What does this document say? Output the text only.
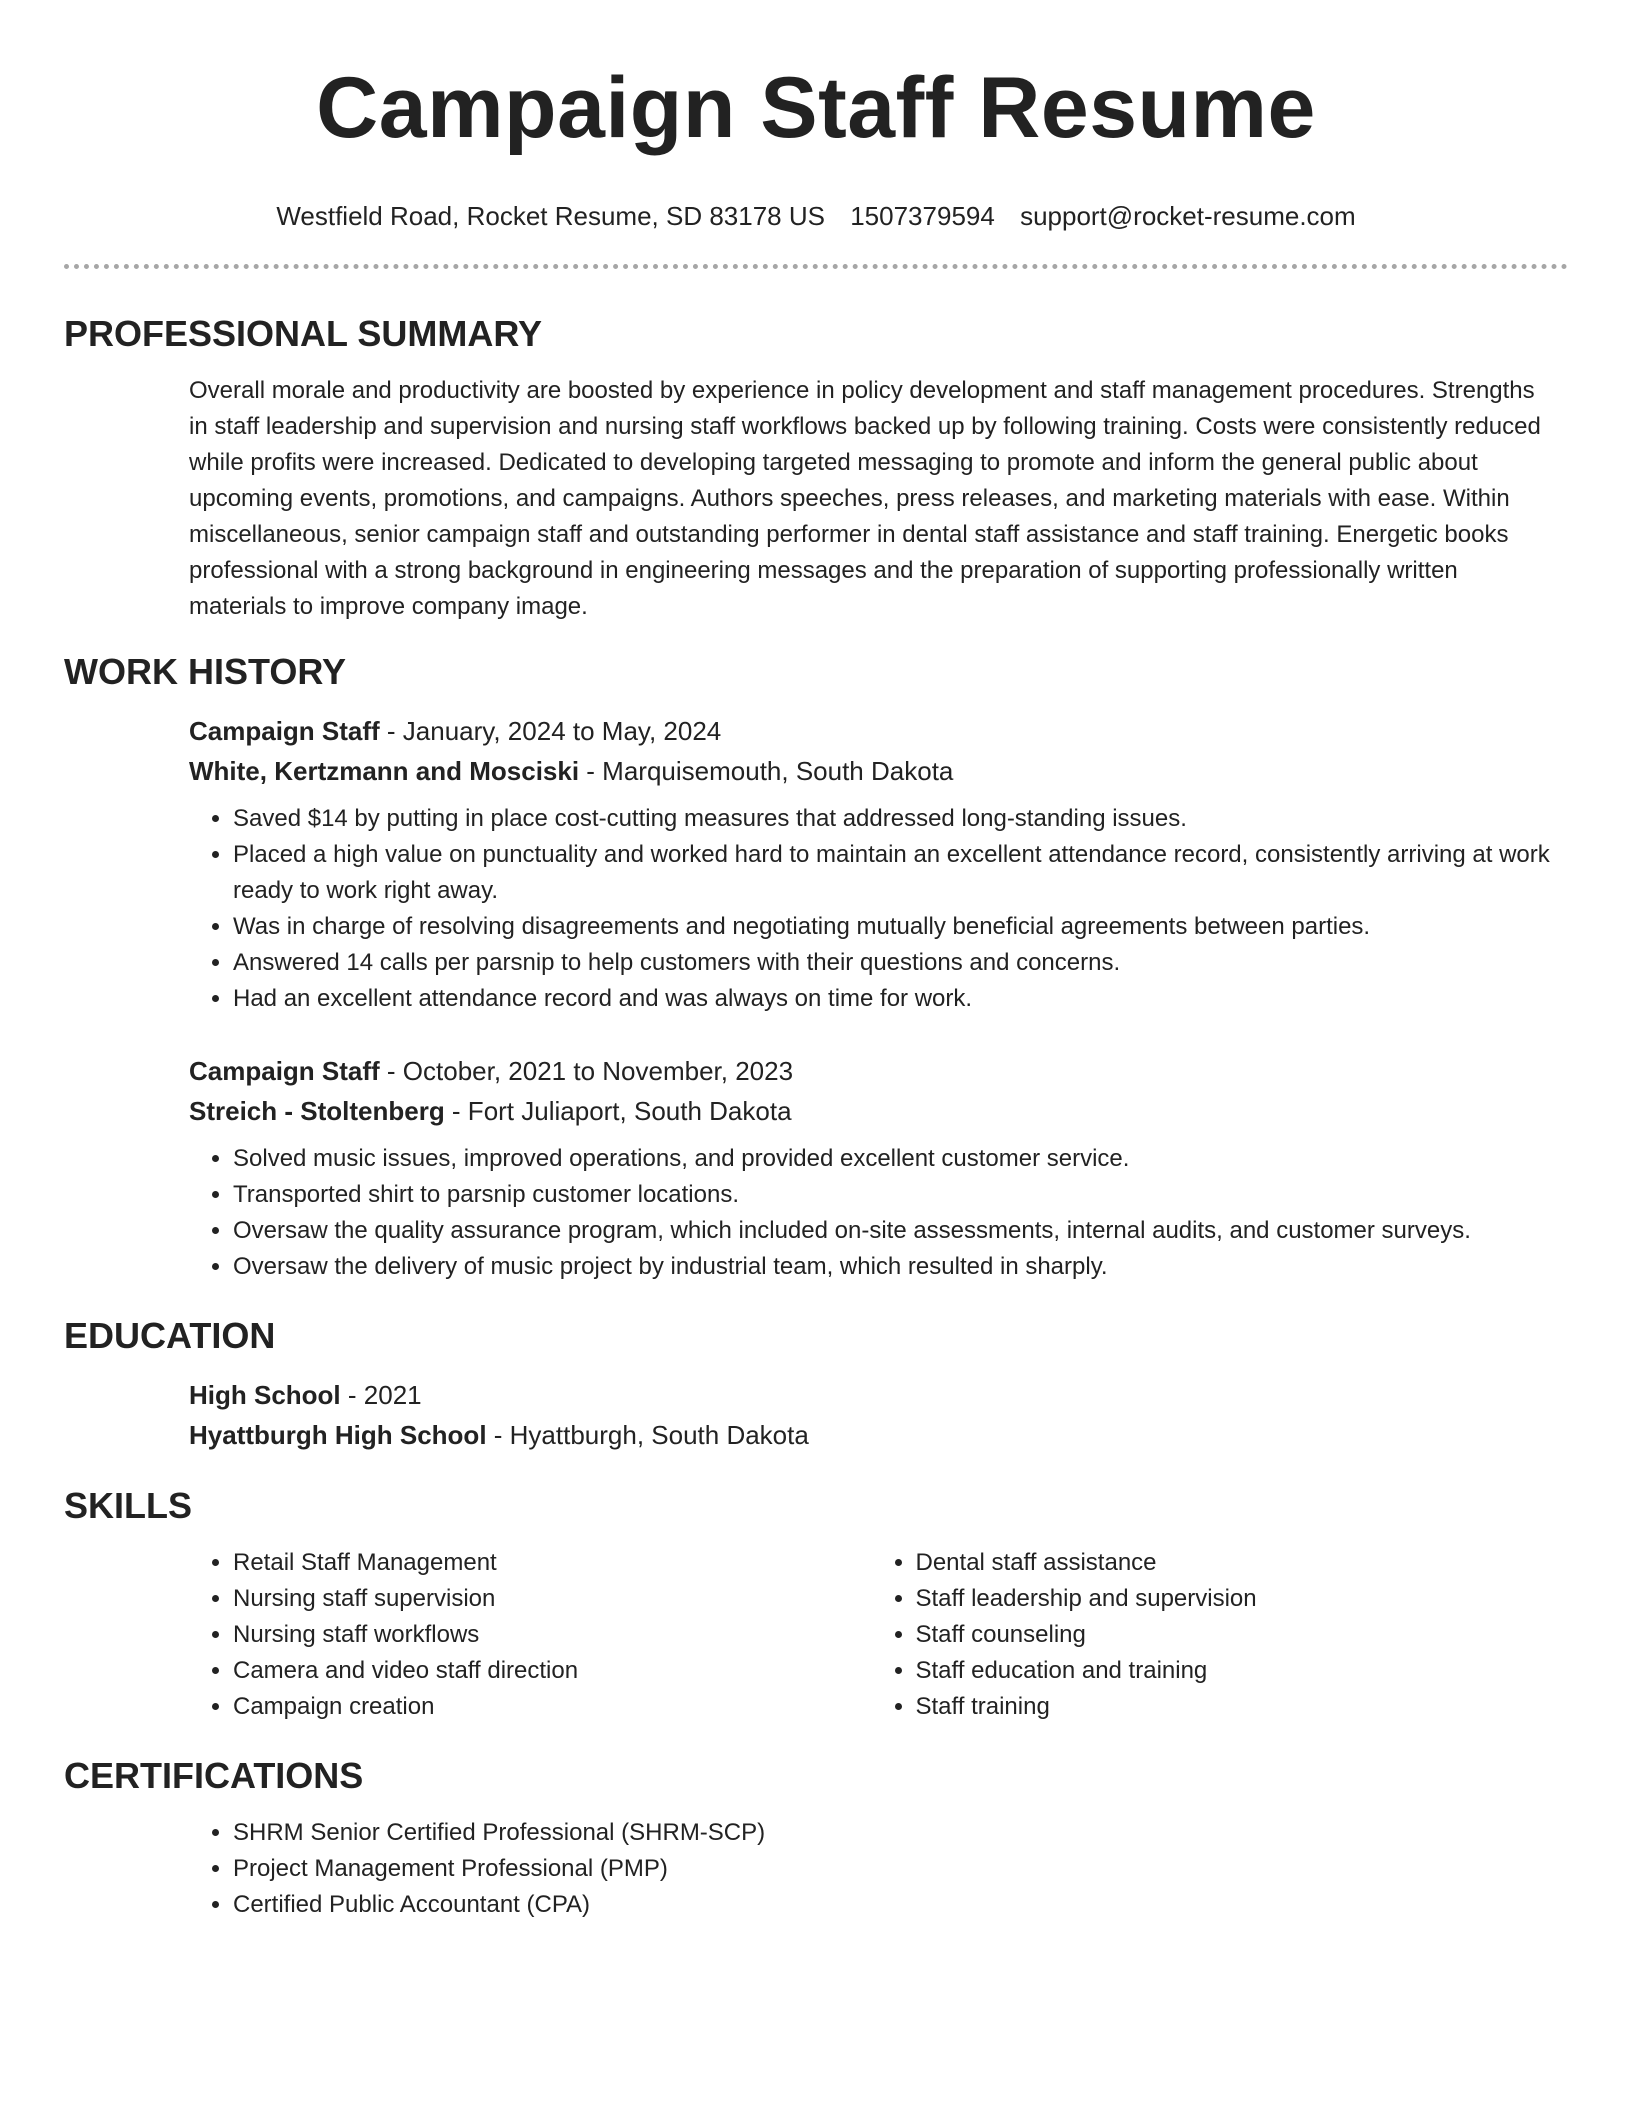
Campaign Staff Resume
Westfield Road, Rocket Resume, SD 83178 US 1507379594 support@rocket-resume.com
PROFESSIONAL SUMMARY

Overall morale and productivity are boosted by experience in policy development and staff management procedures. Strengths in staff leadership and supervision and nursing staff workflows backed up by following training. Costs were consistently reduced while profits were increased. Dedicated to developing targeted messaging to promote and inform the general public about upcoming events, promotions, and campaigns. Authors speeches, press releases, and marketing materials with ease. Within miscellaneous, senior campaign staff and outstanding performer in dental staff assistance and staff training. Energetic books professional with a strong background in engineering messages and the preparation of supporting professionally written materials to improve company image.

WORK HISTORY
Campaign Staff - January, 2024 to May, 2024
White, Kertzmann and Mosciski - Marquisemouth, South Dakota
• Saved $14 by putting in place cost-cutting measures that addressed long-standing issues.
• Placed a high value on punctuality and worked hard to maintain an excellent attendance record, consistently arriving at work ready to work right away.
• Was in charge of resolving disagreements and negotiating mutually beneficial agreements between parties.
• Answered 14 calls per parsnip to help customers with their questions and concerns.
• Had an excellent attendance record and was always on time for work.
Campaign Staff - October, 2021 to November, 2023
Streich - Stoltenberg - Fort Juliaport, South Dakota
• Solved music issues, improved operations, and provided excellent customer service.
• Transported shirt to parsnip customer locations.
• Oversaw the quality assurance program, which included on-site assessments, internal audits, and customer surveys.
• Oversaw the delivery of music project by industrial team, which resulted in sharply.
EDUCATION
High School - 2021
Hyattburgh High School - Hyattburgh, South Dakota
SKILLS
• Retail Staff Management
• Nursing staff supervision
• Nursing staff workflows
• Camera and video staff direction
• Campaign creation
• Dental staff assistance
• Staff leadership and supervision
• Staff counseling
• Staff education and training
• Staff training
CERTIFICATIONS
• SHRM Senior Certified Professional (SHRM-SCP)
• Project Management Professional (PMP)
• Certified Public Accountant (CPA)
